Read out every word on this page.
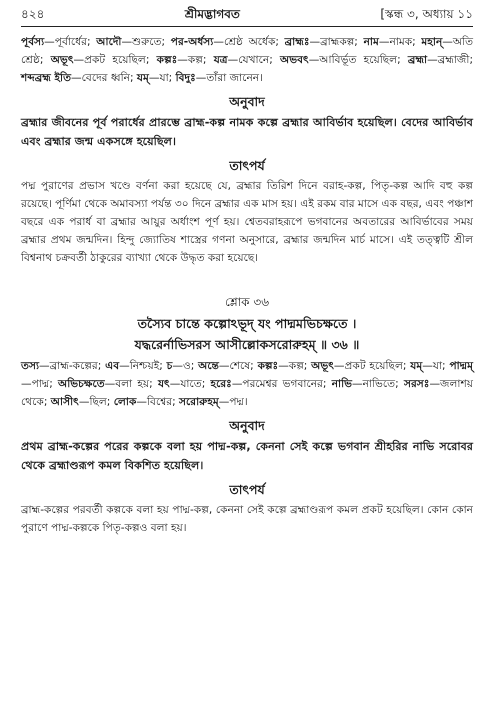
৪২৪	শ্রীমদ্ভাগবত	[স্কন্ধ ৩, অধ্যায় ১১

পূর্বস্য—পূর্বার্ধের; আদৌ—শুরুতে; পর-অর্ধস্য—শ্রেষ্ঠ অর্ধেক; ব্রাহ্মঃ—ব্রাহ্মকল্প; নাম—নামক; মহান্—অতি শ্রেষ্ঠ; অভূৎ—প্রকট হয়েছিল; কল্পঃ—কল্প; যত্র—যেখানে; অভবৎ—আবির্ভূত হয়েছিল; ব্রহ্মা—ব্রহ্মাজী; শব্দব্রহ্ম ইতি—বেদের ধ্বনি; যম্—যা; বিদুঃ—তাঁরা জানেন।

অনুবাদ

ব্রহ্মার জীবনের পূর্ব পরার্ধের প্রারম্ভে ব্রাহ্ম-কল্প নামক কল্পে ব্রহ্মার আবির্ভাব হয়েছিল। বেদের আবির্ভাব এবং ব্রহ্মার জন্ম একসঙ্গে হয়েছিল।

তাৎপর্য

পদ্ম পুরাণের প্রভাস খণ্ডে বর্ণনা করা হয়েছে যে, ব্রহ্মার তিরিশ দিনে বরাহ-কল্প, পিতৃ-কল্প আদি বহু কল্প রয়েছে। পূর্ণিমা থেকে অমাবস্যা পর্যন্ত ৩০ দিনে ব্রহ্মার এক মাস হয়। এই রকম বার মাসে এক বছর, এবং পঞ্চাশ বছরে এক পরার্ধ বা ব্রহ্মার আয়ুর অর্ধাংশ পূর্ণ হয়। শ্বেতবরাহরূপে ভগবানের অবতারের আবির্ভাবের সময় ব্রহ্মার প্রথম জন্মদিন। হিন্দু জ্যোতিষ শাস্ত্রের গণনা অনুসারে, ব্রহ্মার জন্মদিন মার্চ মাসে। এই তত্ত্বটি শ্রীল বিশ্বনাথ চক্রবর্তী ঠাকুরের ব্যাখ্যা থেকে উদ্ধৃত করা হয়েছে।

শ্লোক ৩৬

তস্যৈব চান্তে কল্পোঽভূদ্ যং পাদ্মমভিচক্ষতে ।

যদ্ধরের্নাভিসরস আসীল্লোকসরোরুহম্ ॥ ৩৬ ॥

তস্য—ব্রাহ্ম-কল্পের; এব—নিশ্চয়ই; চ—ও; অন্তে—শেষে; কল্পঃ—কল্প; অভূৎ—প্রকট হয়েছিল; যম্—যা; পাদ্মম্—পাদ্ম; অভিচক্ষতে—বলা হয়; যৎ—যাতে; হরেঃ—পরমেশ্বর ভগবানের; নাভি—নাভিতে; সরসঃ—জলাশয় থেকে; আসীৎ—ছিল; লোক—বিশ্বের; সরোরুহম্—পদ্ম।

অনুবাদ

প্রথম ব্রাহ্ম-কল্পের পরের কল্পকে বলা হয় পাদ্ম-কল্প, কেননা সেই কল্পে ভগবান শ্রীহরির নাভি সরোবর থেকে ব্রহ্মাণ্ডরূপ কমল বিকশিত হয়েছিল।

তাৎপর্য

ব্রাহ্ম-কল্পের পরবর্তী কল্পকে বলা হয় পাদ্ম-কল্প, কেননা সেই কল্পে ব্রহ্মাণ্ডরূপ কমল প্রকট হয়েছিল। কোন কোন পুরাণে পাদ্ম-কল্পকে পিতৃ-কল্পও বলা হয়।
